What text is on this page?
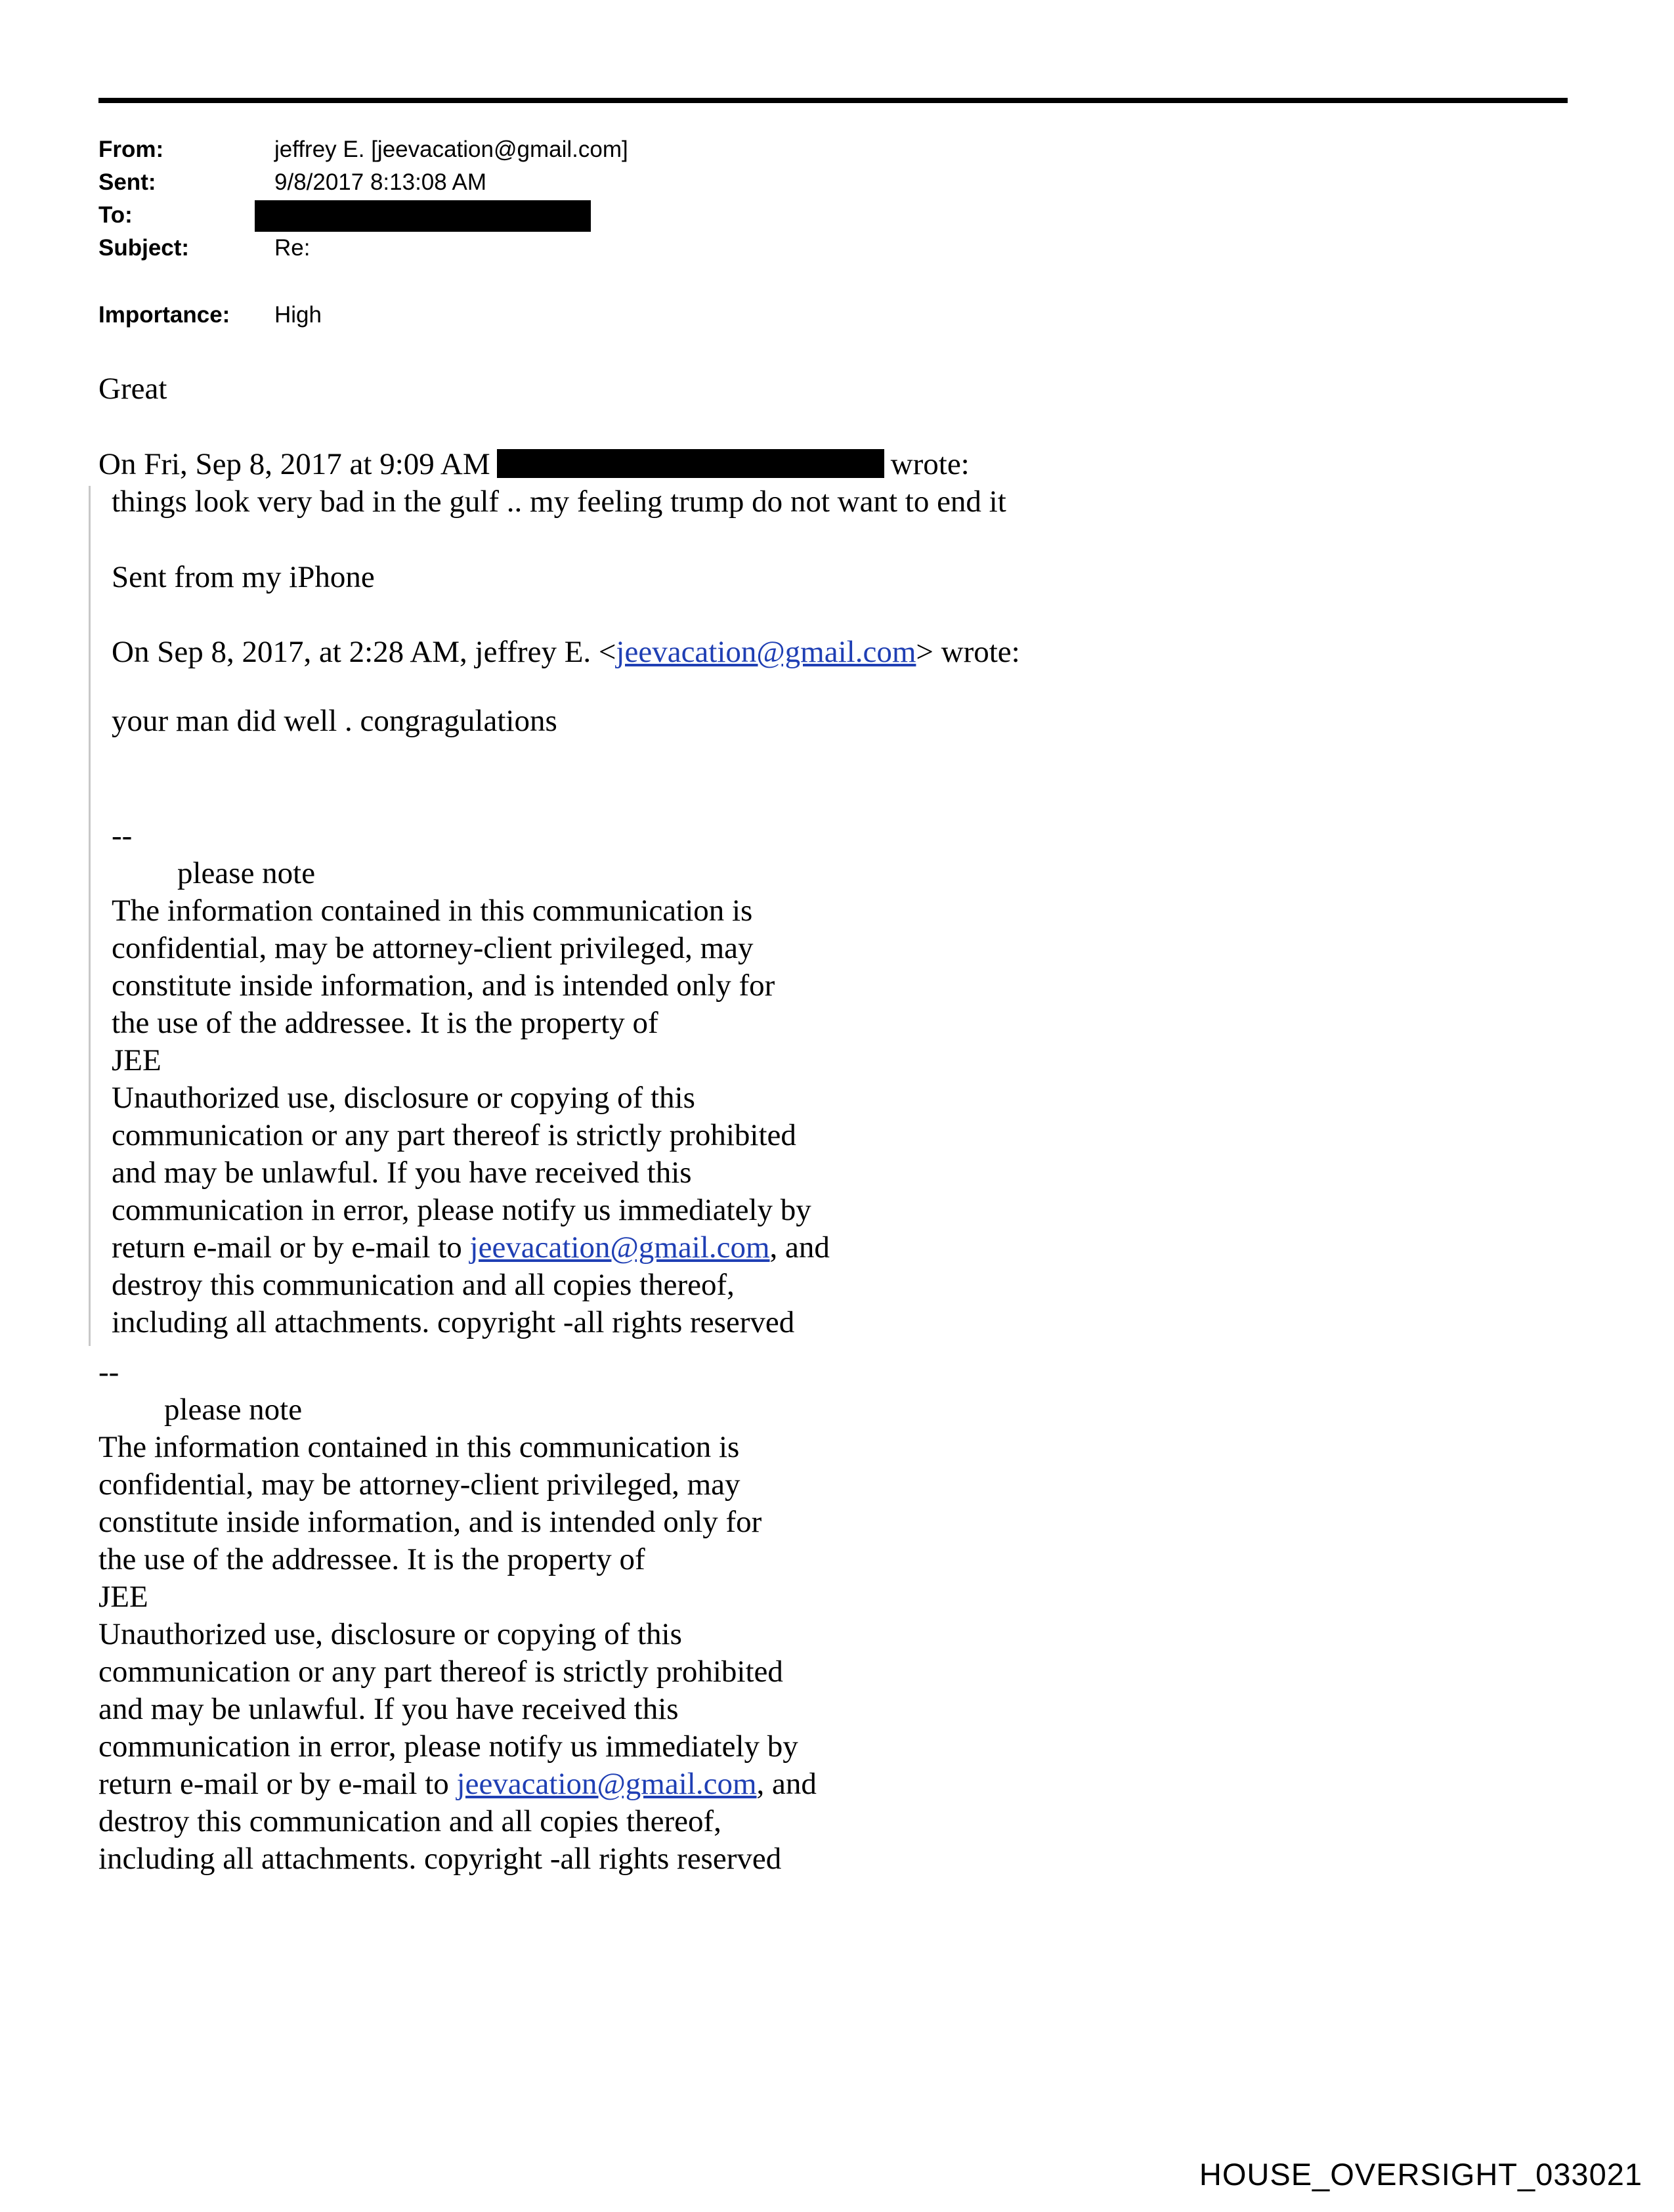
From:	jeffrey E. [jeevacation@gmail.com]
Sent:	9/8/2017 8:13:08 AM
To:
Subject:	Re:
Importance: High
Great
On Fri, Sep 8, 2017 at 9:09 AM	wrote:
things look very bad in the gulf .. my feeling trump do not want to end it
Sent from my iPhone
On Sep 8, 2017, at 2:28 AM, jeffrey E. <jeevacation@gmail.com> wrote:
your man did well . congragulations
--
please note
The information contained in this communication is
confidential, may be attorney-client privileged, may
constitute inside information, and is intended only for
the use of the addressee. It is the property of
JEE
Unauthorized use, disclosure or copying of this
communication or any part thereof is strictly prohibited
and may be unlawful. If you have received this
communication in error, please notify us immediately by
return e-mail or by e-mail to jeevacation@gmail.com, and
destroy this communication and all copies thereof,
including all attachments. copyright -all rights reserved
--
please note
The information contained in this communication is
confidential, may be attorney-client privileged, may
constitute inside information, and is intended only for
the use of the addressee. It is the property of
JEE
Unauthorized use, disclosure or copying of this
communication or any part thereof is strictly prohibited
and may be unlawful. If you have received this
communication in error, please notify us immediately by
return e-mail or by e-mail to jeevacation@gmail.com, and
destroy this communication and all copies thereof,
including all attachments. copyright -all rights reserved
HOUSE_OVERSIGHT_033021
